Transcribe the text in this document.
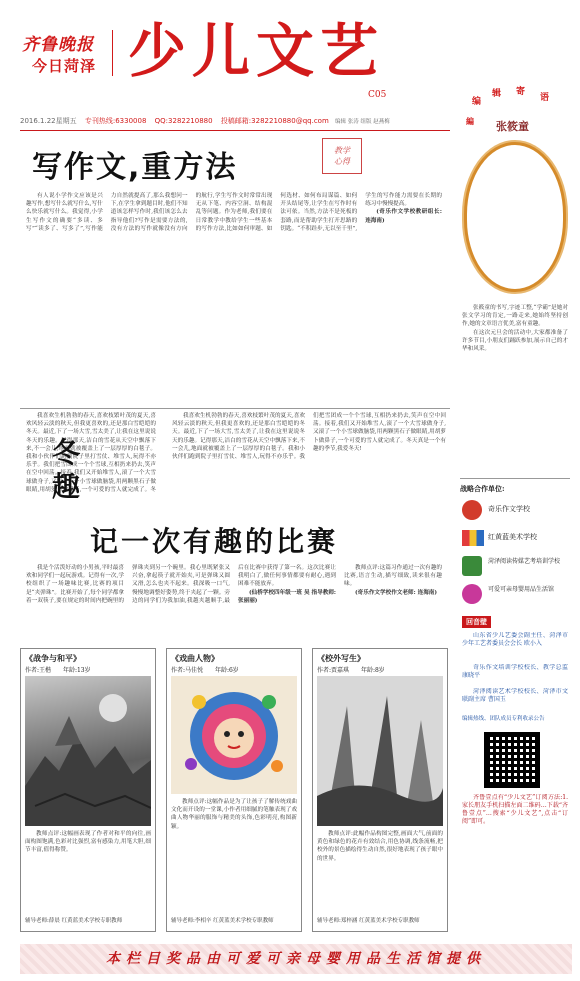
齐鲁晚报
今日菏泽 少儿文艺
C05
2016.1.22星期五 专刊热线:6330008 QQ:3282210880 投稿邮箱:3282210880@qq.com 编辑 张涛 组版 赵燕梅
写作文,重方法	教学
心得

有人说小学作文应该是兴趣写作,想写什么就写什么,写什么快乐就写什么。我觉得,小学生写作文的确要“多读、多写”“读多了、写多了”,写作能力自然就提高了,那么我想问一下,在学生拿到题目时,他们不知道该怎样写作时,我们该怎么去指导他们?写作是需要方法的,没有方法的写作就像没有方向的航行,学生写作文时常常出现无从下笔、内容空洞、结构混乱等问题。作为老师,我们要在日常教学中教给学生一些基本的写作方法,比如如何审题、如何选材、如何布局谋篇、如何开头结尾等,让学生在写作时有法可依。当然,方法不是死板的套路,而是帮助学生打开思路的钥匙。“不积跬步,无以至千里”,学生的写作能力需要在长期的练习中慢慢提高。

(奇乐作文学校教研组长: 连海南)

我喜欢生机勃勃的春天,喜欢枝繁叶茂的夏天,喜欢风轻云淡的秋天,但我更喜欢的,还是那白雪皑皑的冬天。最近,下了一场大雪,雪太美了,让我在这里说说冬天的乐趣。记得那天,洁白的雪花从天空中飘落下来,不一会儿,地面就被覆盖上了一层厚厚的白毯子。我和小伙伴们跑到院子里打雪仗、堆雪人,玩得不亦乐乎。我们把雪团成一个个雪球,互相扔来扔去,笑声在空中回荡。接着,我们又开始堆雪人,滚了一个大雪球做身子,又滚了一个小雪球做脑袋,用两颗黑石子做眼睛,用胡萝卜做鼻子,一个可爱的雪人就完成了。冬

我喜欢生机勃勃的春天,喜欢枝繁叶茂的夏天,喜欢风轻云淡的秋天,但我更喜欢的,还是那白雪皑皑的冬天。最近,下了一场大雪,雪太美了,让我在这里说说冬天的乐趣。记得那天,洁白的雪花从天空中飘落下来,不一会儿,地面就被覆盖上了一层厚厚的白毯子。我和小伙伴们跑到院子里打雪仗、堆雪人,玩得不亦乐乎。我们把雪团成一个个雪球,互相扔来扔去,笑声在空中回荡。接着,我们又开始堆雪人,滚了一个大雪球做身子,又滚了一个小雪球做脑袋,用两颗黑石子做眼睛,用胡萝卜做鼻子,一个可爱的雪人就完成了。冬天真是一个有趣的季节,我爱冬天!

冬
趣
记一次有趣的比赛

我是个活泼好动的小男孩,平时最喜欢和同学们一起玩游戏。记得有一次,学校组织了一场趣味比赛,比赛的项目是“夹弹珠”。比赛开始了,每个同学都拿着一双筷子,要在规定的时间内把碗里的弹珠夹到另一个碗里。我心里既紧张又兴奋,拿起筷子就开始夹,可是弹珠又圆又滑,怎么也夹不起来。我深吸一口气,慢慢地调整好姿势,终于夹起了一颗。旁边的同学们为我加油,我越夹越顺手,最后在比赛中获得了第一名。这次比赛让我明白了,做任何事情都要有耐心,遇到困难不能放弃。

(仙桥学校四年级一班 吴 指导教师:张丽丽)

教师点评:这篇习作通过一次有趣的比赛,语言生动,描写细致,读来很有趣味。

(奇乐作文学校作文老师: 连海南)

《战争与和平》
作者:王楷 年龄:13岁

教师点评:这幅画表现了作者对和平的向往,画面构图饱满,色彩对比强烈,富有感染力,用笔大胆,细节丰富,值得称赞。

辅导老师:薛晨 红黄蓝美术学校专职教师
《戏曲人物》
作者:马佳悦 年龄:6岁

教师点评:这幅作品是为了让孩子了解传统戏曲文化而开设的一堂课,小作者用细腻的笔触表现了戏曲人物华丽的服饰与精美的头饰,色彩明亮,构图新颖。

辅导老师:李相辛 红黄蓝美术学校专职教师
《校外写生》
作者:贾嘉琪 年龄:8岁

教师点评:此幅作品构图完整,画面大气,前面的黄色和绿色的花卉有效结合,用色协调,线条流畅,把校外的景色描绘得生动自然,很好地表现了孩子眼中的世界。

辅导老师:郑梓涵 红黄蓝美术学校专职教师
编
辑 寄
语
編 张筱童

张筱童的书写,字迹工整,“学霸”是她对张文学习的肯定,一路走来,她始终坚持创作,她的文章语言优美,富有童趣。

在这次元旦会的活动中,大家都准备了许多节目,小朋友们踊跃参加,展示自己的才华和风采。

战略合作单位:
奇乐作文学校
红黄蓝美术学校
菏泽阅读传媒艺考培训学校
可爱可亲母婴用品生活馆
回音壁

山东省少儿艺委会副主任、菏泽市少年工艺者委员会会长 欧小入

奇乐作文培训学校校长、教学总监 康晓平

菏泽阅读艺术学校校长、菏泽市文联副主席 曹国玉

编辑热线、团队成员专利收录公告

齐鲁壹点有“少儿文艺”订阅方法:1.家长朋友手机扫描左面二维码…下载“齐鲁壹点”…搜索“少儿文艺”,点击“订阅”即可。

本栏目奖品由可爱可亲母婴用品生活馆提供
